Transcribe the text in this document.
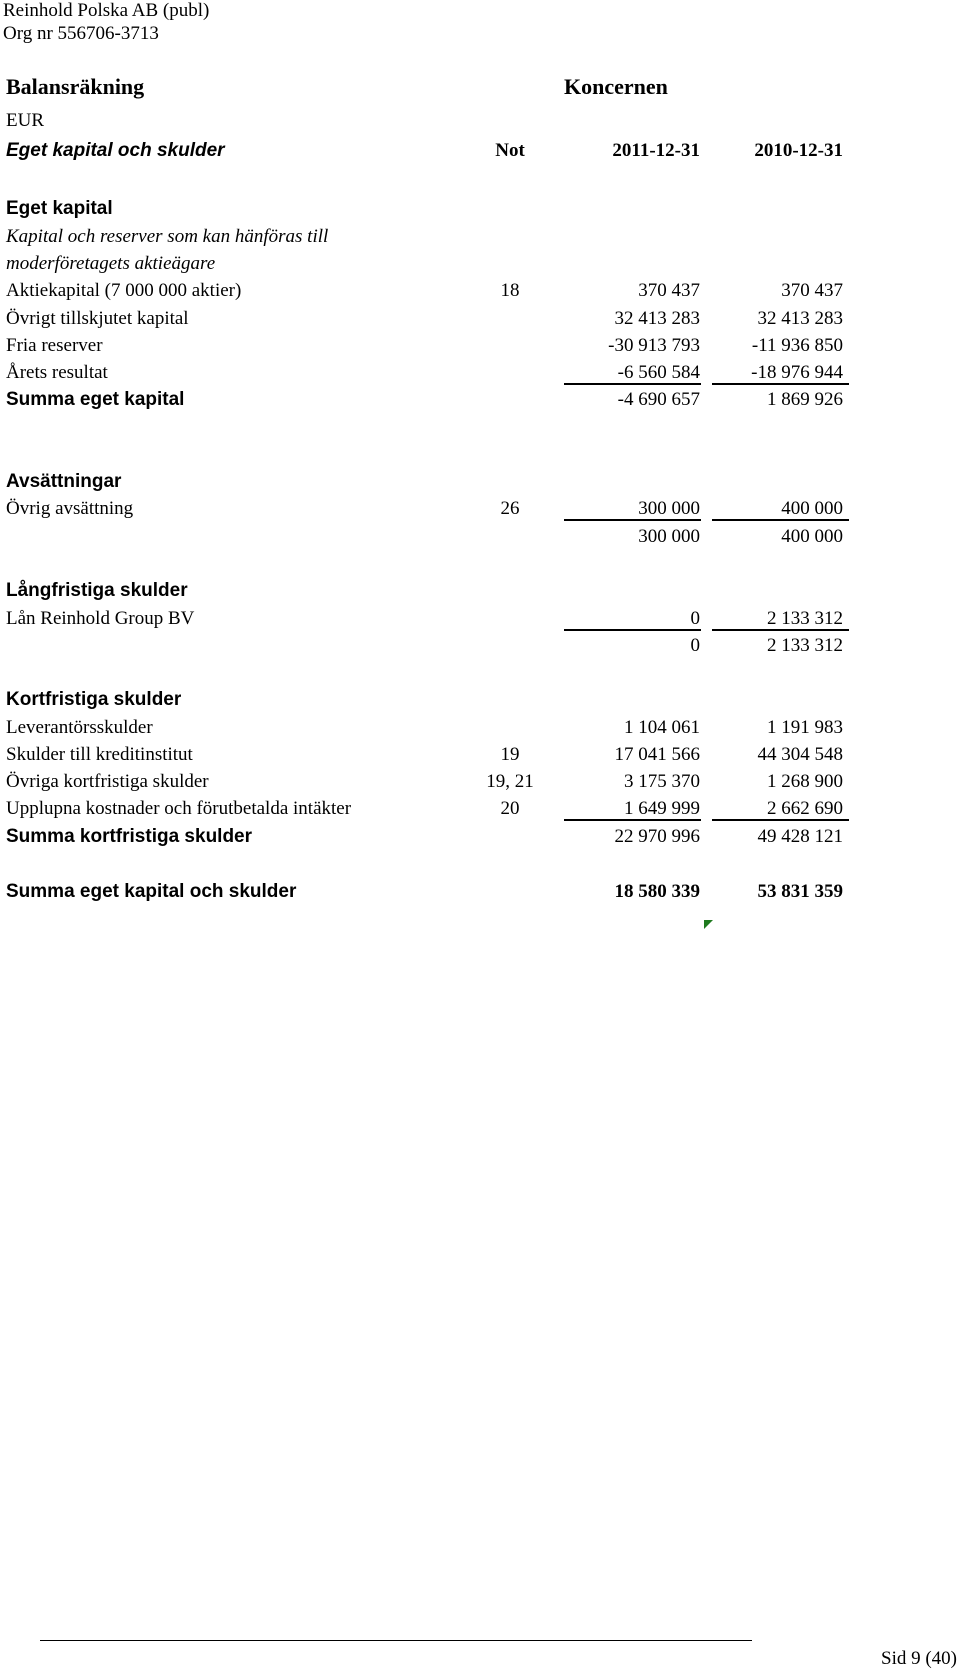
Reinhold Polska AB (publ)
Org nr 556706-3713
Balansräkning	Koncernen
EUR
Eget kapital och skulder	Not	2011-12-31	2010-12-31
Eget kapital
Kapital och reserver som kan hänföras till
moderföretagets aktieägare
Aktiekapital (7 000 000 aktier)	18	370 437	370 437
Övrigt tillskjutet kapital	32 413 283	32 413 283
Fria reserver	-30 913 793	-11 936 850
Årets resultat	-6 560 584	-18 976 944
Summa eget kapital	-4 690 657	1 869 926
Avsättningar
Övrig avsättning	26	300 000	400 000
300 000	400 000
Långfristiga skulder
Lån Reinhold Group BV	0	2 133 312
0	2 133 312
Kortfristiga skulder
Leverantörsskulder	1 104 061	1 191 983
Skulder till kreditinstitut	19	17 041 566	44 304 548
Övriga kortfristiga skulder	19, 21	3 175 370	1 268 900
Upplupna kostnader och förutbetalda intäkter	20	1 649 999	2 662 690
Summa kortfristiga skulder	22 970 996	49 428 121
Summa eget kapital och skulder	18 580 339	53 831 359
Sid 9 (40)
